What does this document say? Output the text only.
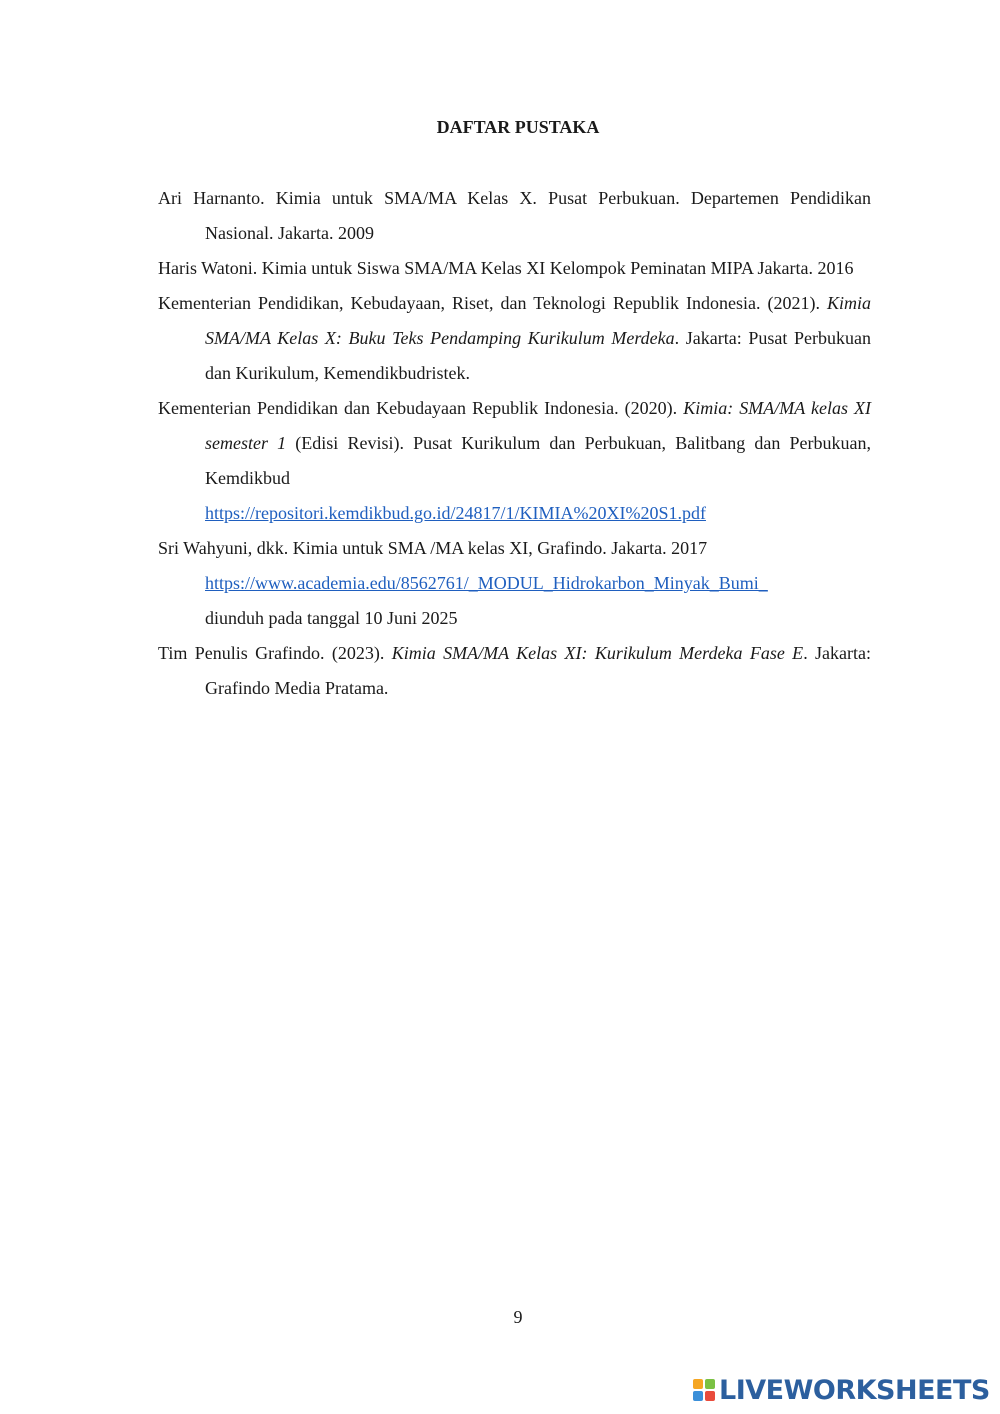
DAFTAR PUSTAKA

Ari Harnanto. Kimia untuk SMA/MA Kelas X. Pusat Perbukuan. Departemen Pendidikan Nasional. Jakarta. 2009

Haris Watoni. Kimia untuk Siswa SMA/MA Kelas XI Kelompok Peminatan MIPA Jakarta. 2016

Kementerian Pendidikan, Kebudayaan, Riset, dan Teknologi Republik Indonesia. (2021). Kimia SMA/MA Kelas X: Buku Teks Pendamping Kurikulum Merdeka. Jakarta: Pusat Perbukuan dan Kurikulum, Kemendikbudristek.

Kementerian Pendidikan dan Kebudayaan Republik Indonesia. (2020). Kimia: SMA/MA kelas XI semester 1 (Edisi Revisi). Pusat Kurikulum dan Perbukuan, Balitbang dan Perbukuan, Kemdikbud
https://repositori.kemdikbud.go.id/24817/1/KIMIA%20XI%20S1.pdf

Sri Wahyuni, dkk. Kimia untuk SMA /MA kelas XI, Grafindo. Jakarta. 2017
https://www.academia.edu/8562761/_MODUL_Hidrokarbon_Minyak_Bumi_
diunduh pada tanggal 10 Juni 2025

Tim Penulis Grafindo. (2023). Kimia SMA/MA Kelas XI: Kurikulum Merdeka Fase E. Jakarta: Grafindo Media Pratama.

9
LIVEWORKSHEETS
